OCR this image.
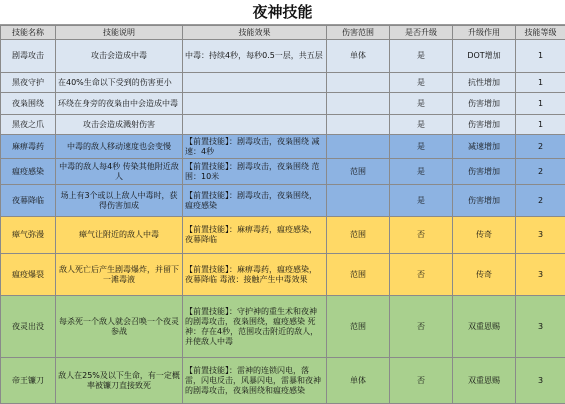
夜神技能
技能名称	技能说明	技能效果	伤害范围	是否升级	升级作用	技能等级
剧毒攻击	攻击会造成中毒	中毒：持续4秒，每秒0.5一层，共五层	单体	是	DOT增加	1
黑夜守护	在40%生命以下受到的伤害更小			是	抗性增加	1
夜枭围绕	环绕在身旁的夜枭由中会造成中毒			是	伤害增加	1
黑夜之爪	攻击会造成溅射伤害			是	伤害增加	1
麻痹毒药	中毒的敌人移动速度也会变慢	【前置技能】：剧毒攻击，夜枭围绕 减速：4秒		是	减速增加	2
瘟疫感染	中毒的敌人每4秒 传染其他附近敌人	【前置技能】：剧毒攻击，夜枭围绕 范围：10米	范围	是	伤害增加	2
夜幕降临	场上有3个或以上敌人中毒时，获得伤害加成	【前置技能】：剧毒攻击，夜枭围绕，瘟疫感染		是	伤害增加	2
瘴气弥漫	瘴气让附近的敌人中毒	【前置技能】：麻痹毒药，瘟疫感染，夜幕降临	范围	否	传奇	3
瘟疫爆裂	敌人死亡后产生剧毒爆炸，并留下一滩毒液	【前置技能】：麻痹毒药，瘟疫感染，夜幕降临 毒液：接触产生中毒效果	范围	否	传奇	3
夜灵出没	每杀死一个敌人就会召唤一个夜灵参战	【前置技能】：守护神的重生术和夜神的剧毒攻击，夜枭围绕，瘟疫感染 死神：存在4秒，范围攻击附近的敌人，并使敌人中毒	范围	否	双重恩赐	3
帝王镰刀	敌人在25%及以下生命，有一定概率被镰刀直接致死	【前置技能】：雷神的连锁闪电，落雷，闪电反击，风暴闪电，雷暴和夜神的剧毒攻击，夜枭围绕和瘟疫感染	单体	否	双重恩赐	3
